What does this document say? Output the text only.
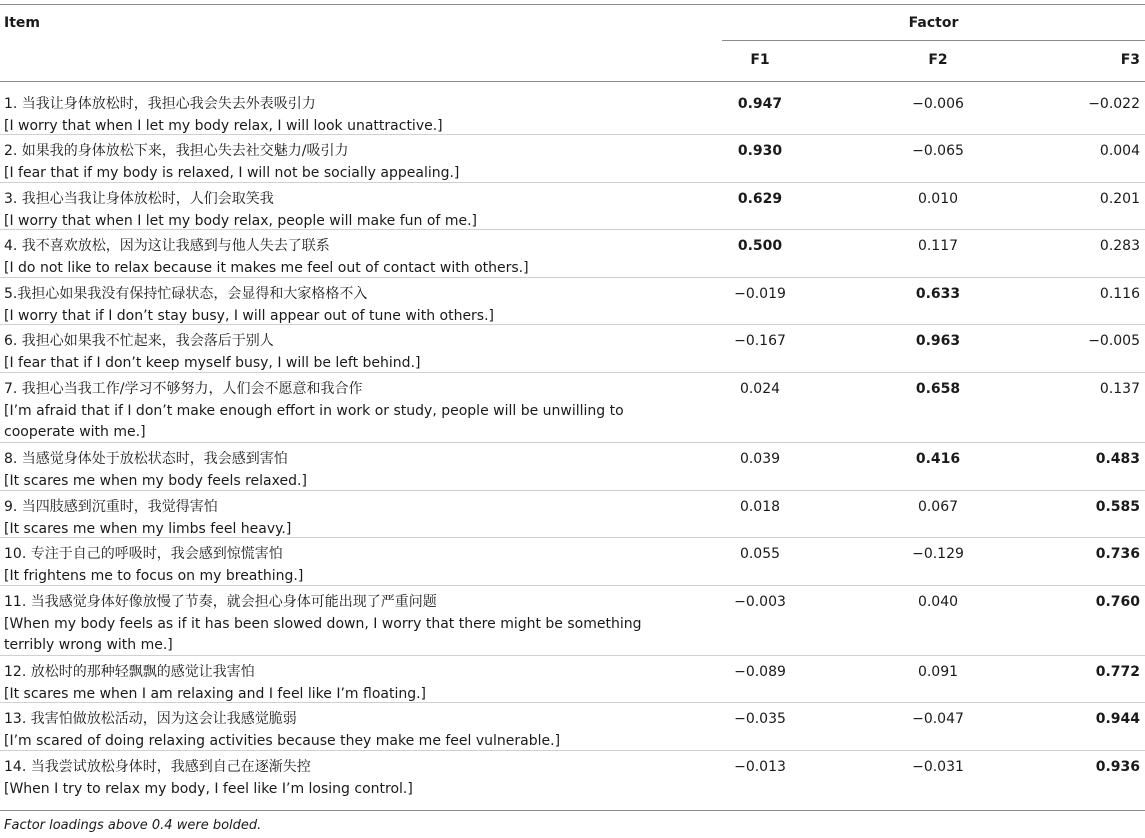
Item	Factor
F1	F2	F3
1. 当我让身体放松时，我担心我会失去外表吸引力
[I worry that when I let my body relax, I will look unattractive.]
0.947	−0.006	−0.022
2. 如果我的身体放松下来，我担心失去社交魅力/吸引力
[I fear that if my body is relaxed, I will not be socially appealing.]
0.930	−0.065	0.004
3. 我担心当我让身体放松时，人们会取笑我
[I worry that when I let my body relax, people will make fun of me.]
0.629	0.010	0.201
4. 我不喜欢放松，因为这让我感到与他人失去了联系
[I do not like to relax because it makes me feel out of contact with others.]
0.500	0.117	0.283
5.我担心如果我没有保持忙碌状态，会显得和大家格格不入
[I worry that if I don’t stay busy, I will appear out of tune with others.]
−0.019	0.633	0.116
6. 我担心如果我不忙起来，我会落后于别人
[I fear that if I don’t keep myself busy, I will be left behind.]
−0.167	0.963	−0.005
7. 我担心当我工作/学习不够努力，人们会不愿意和我合作
[I’m afraid that if I don’t make enough effort in work or study, people will be unwilling to cooperate with me.]
0.024	0.658	0.137
8. 当感觉身体处于放松状态时，我会感到害怕
[It scares me when my body feels relaxed.]
0.039	0.416	0.483
9. 当四肢感到沉重时，我觉得害怕
[It scares me when my limbs feel heavy.]
0.018	0.067	0.585
10. 专注于自己的呼吸时，我会感到惊慌害怕
[It frightens me to focus on my breathing.]
0.055	−0.129	0.736
11. 当我感觉身体好像放慢了节奏，就会担心身体可能出现了严重问题
[When my body feels as if it has been slowed down, I worry that there might be something terribly wrong with me.]
−0.003	0.040	0.760
12. 放松时的那种轻飘飘的感觉让我害怕
[It scares me when I am relaxing and I feel like I’m floating.]
−0.089	0.091	0.772
13. 我害怕做放松活动，因为这会让我感觉脆弱
[I’m scared of doing relaxing activities because they make me feel vulnerable.]
−0.035	−0.047	0.944
14. 当我尝试放松身体时，我感到自己在逐渐失控
[When I try to relax my body, I feel like I’m losing control.]
−0.013	−0.031	0.936
Factor loadings above 0.4 were bolded.
